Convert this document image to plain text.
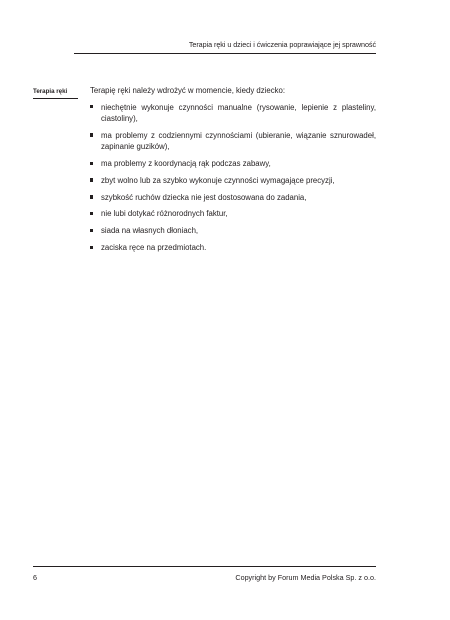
Terapia ręki u dzieci i ćwiczenia poprawiające jej sprawność
Terapia ręki	Terapię ręki należy wdrożyć w momencie, kiedy dziecko:

niechętnie wykonuje czynności manualne (rysowanie, lepienie z plasteliny, ciastoliny),
ma problemy z codziennymi czynnościami (ubieranie, wiązanie sznurowadeł, zapinanie guzików),
ma problemy z koordynacją rąk podczas zabawy,
zbyt wolno lub za szybko wykonuje czynności wymagające precyzji,
szybkość ruchów dziecka nie jest dostosowana do zadania,
nie lubi dotykać różnorodnych faktur,
siada na własnych dłoniach,
zaciska ręce na przedmiotach.
6	Copyright by Forum Media Polska Sp. z o.o.
